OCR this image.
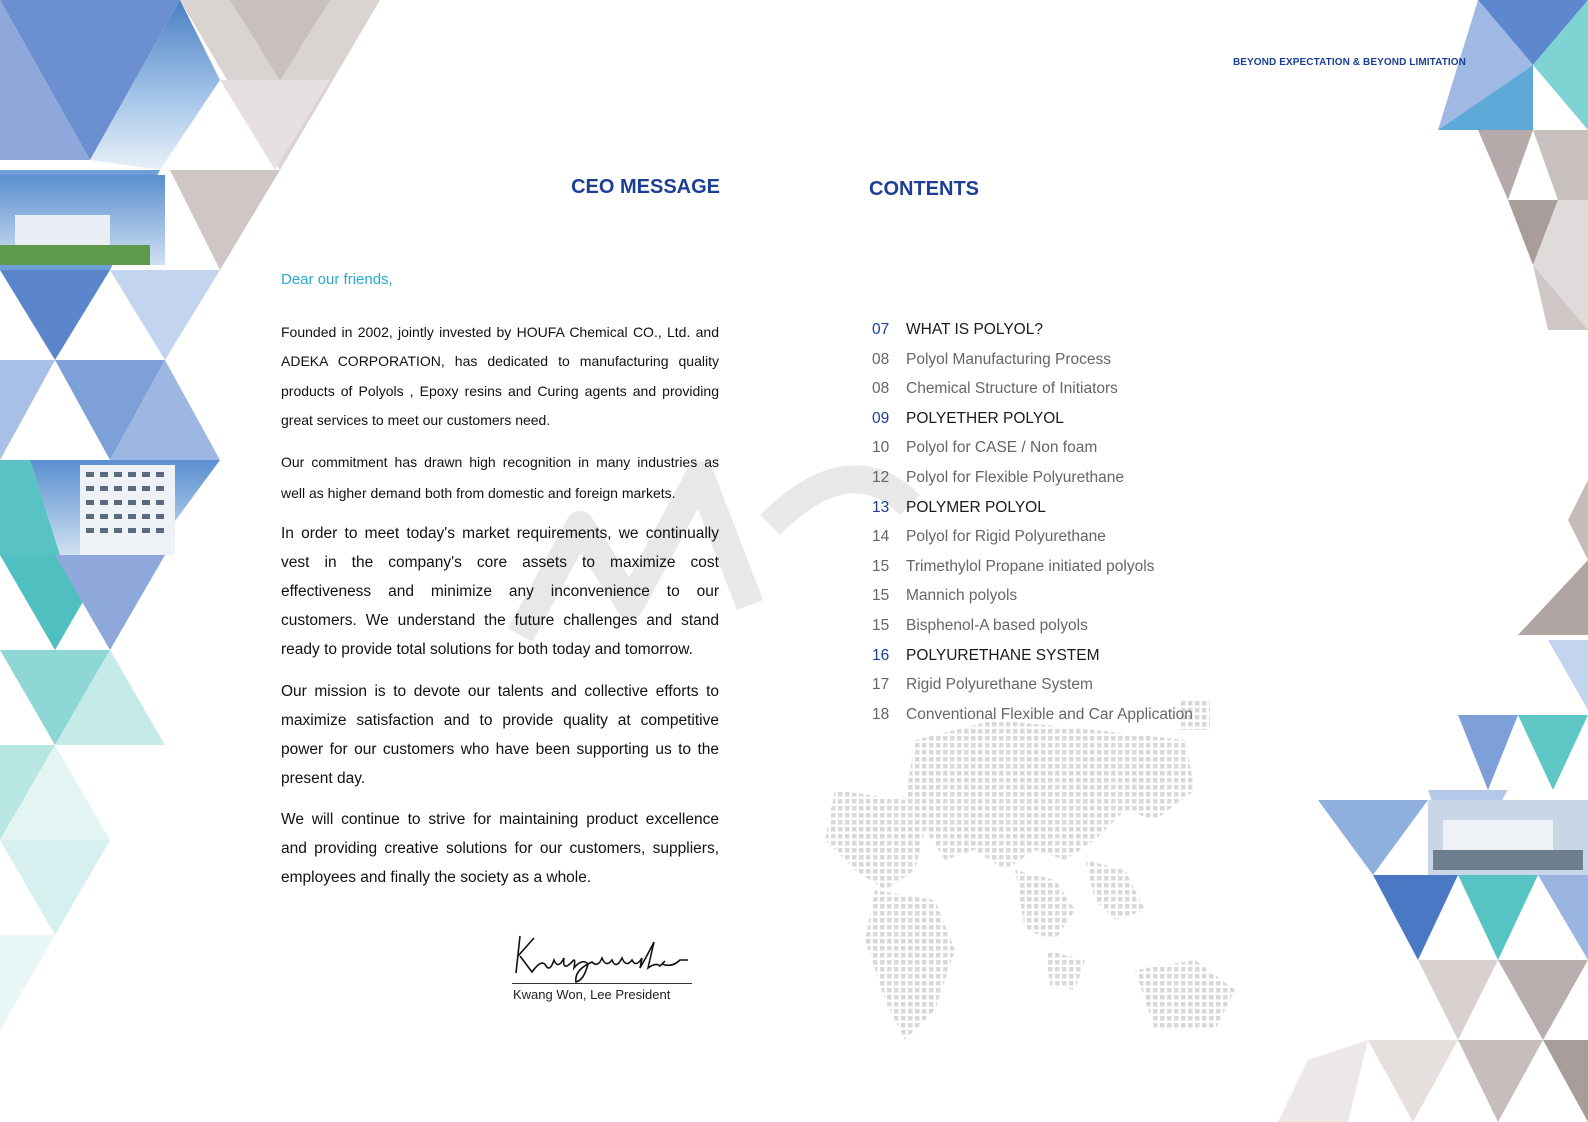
BEYOND EXPECTATION & BEYOND LIMITATION
CEO MESSAGE
Dear our friends,

Founded in 2002, jointly invested by HOUFA Chemical CO., Ltd. and ADEKA CORPORATION, has dedicated to manufacturing quality products of Polyols , Epoxy resins and Curing agents and providing great services to meet our customers need.

Our commitment has drawn high recognition in many industries as well as higher demand both from domestic and foreign markets.

In order to meet today's market requirements, we continually vest in the company's core assets to maximize cost effectiveness and minimize any inconvenience to our customers. We understand the future challenges and stand ready to provide total solutions for both today and tomorrow.

Our mission is to devote our talents and collective efforts to maximize satisfaction and to provide quality at competitive power for our customers who have been supporting us to the present day.

We will continue to strive for maintaining product excellence and providing creative solutions for our customers, suppliers, employees and finally the society as a whole.

Kwang Won, Lee President
CONTENTS
07	WHAT IS POLYOL?
08	Polyol Manufacturing Process
08	Chemical Structure of Initiators
09	POLYETHER POLYOL
10	Polyol for CASE / Non foam
12	Polyol for Flexible Polyurethane
13	POLYMER POLYOL
14	Polyol for Rigid Polyurethane
15	Trimethylol Propane initiated polyols
15	Mannich polyols
15	Bisphenol-A based polyols
16	POLYURETHANE SYSTEM
17	Rigid Polyurethane System
18	Conventional Flexible and Car Application
